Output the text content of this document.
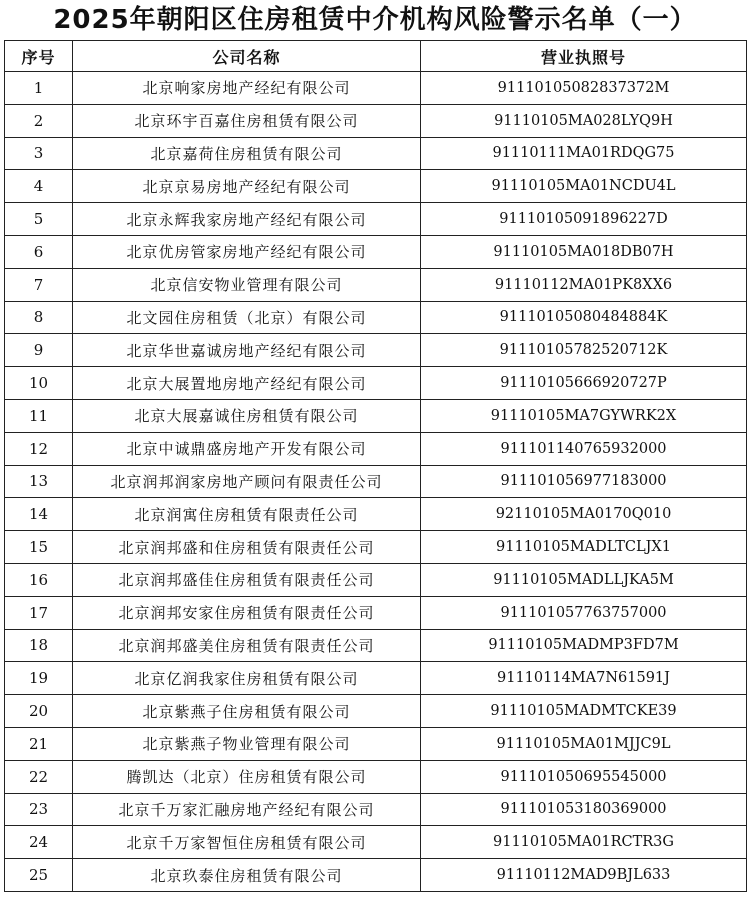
2025年朝阳区住房租赁中介机构风险警示名单（一）
序号	公司名称	营业执照号
1	北京响家房地产经纪有限公司	91110105082837372M
2	北京环宇百嘉住房租赁有限公司	91110105MA028LYQ9H
3	北京嘉荷住房租赁有限公司	91110111MA01RDQG75
4	北京京易房地产经纪有限公司	91110105MA01NCDU4L
5	北京永辉我家房地产经纪有限公司	91110105091896227D
6	北京优房管家房地产经纪有限公司	91110105MA018DB07H
7	北京信安物业管理有限公司	91110112MA01PK8XX6
8	北文园住房租赁（北京）有限公司	91110105080484884K
9	北京华世嘉诚房地产经纪有限公司	91110105782520712K
10	北京大展置地房地产经纪有限公司	91110105666920727P
11	北京大展嘉诚住房租赁有限公司	91110105MA7GYWRK2X
12	北京中诚鼎盛房地产开发有限公司	911101140765932000
13	北京润邦润家房地产顾问有限责任公司	911101056977183000
14	北京润寓住房租赁有限责任公司	92110105MA0170Q010
15	北京润邦盛和住房租赁有限责任公司	91110105MADLTCLJX1
16	北京润邦盛佳住房租赁有限责任公司	91110105MADLLJKA5M
17	北京润邦安家住房租赁有限责任公司	911101057763757000
18	北京润邦盛美住房租赁有限责任公司	91110105MADMP3FD7M
19	北京亿润我家住房租赁有限公司	91110114MA7N61591J
20	北京紫燕子住房租赁有限公司	91110105MADMTCKE39
21	北京紫燕子物业管理有限公司	91110105MA01MJJC9L
22	腾凯达（北京）住房租赁有限公司	911101050695545000
23	北京千万家汇融房地产经纪有限公司	911101053180369000
24	北京千万家智恒住房租赁有限公司	91110105MA01RCTR3G
25	北京玖泰住房租赁有限公司	91110112MAD9BJL633
